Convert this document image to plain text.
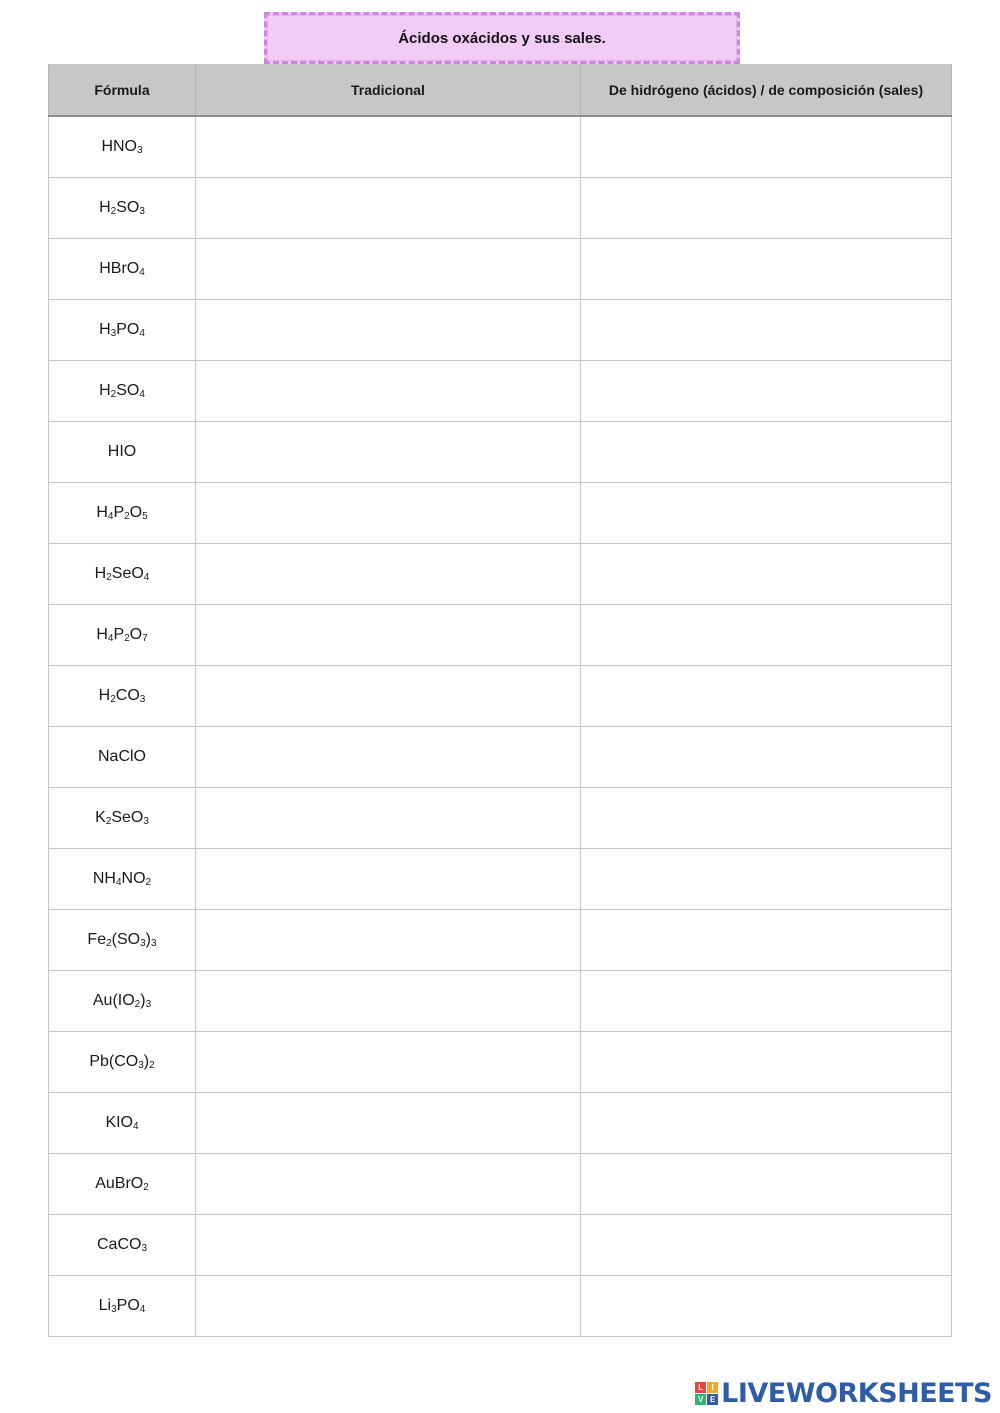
Ácidos oxácidos y sus sales.
Fórmula	Tradicional	De hidrógeno (ácidos) / de composición (sales)
$HNO_3$		
$H_2SO_3$		
HBrO$_4$		
$H_3PO_4$		
$H_2SO_4$		
HIO		
$H_4P_2O_5$		
$H_2SeO_4$		
$H_4P_2O_7$		
$H_2CO_3$		
NaClO		
$K_2SeO_3$		
$NH_4NO_2$		
$Fe_2(SO_3)_3$		
$Au(IO_2)_3$		
$Pb(CO_3)_2$		
$KIO_4$		
AuBrO$_2$		
CaCO$_3$		
$Li_3PO_4$		
L	I
V E LIVEWORKSHEETS
